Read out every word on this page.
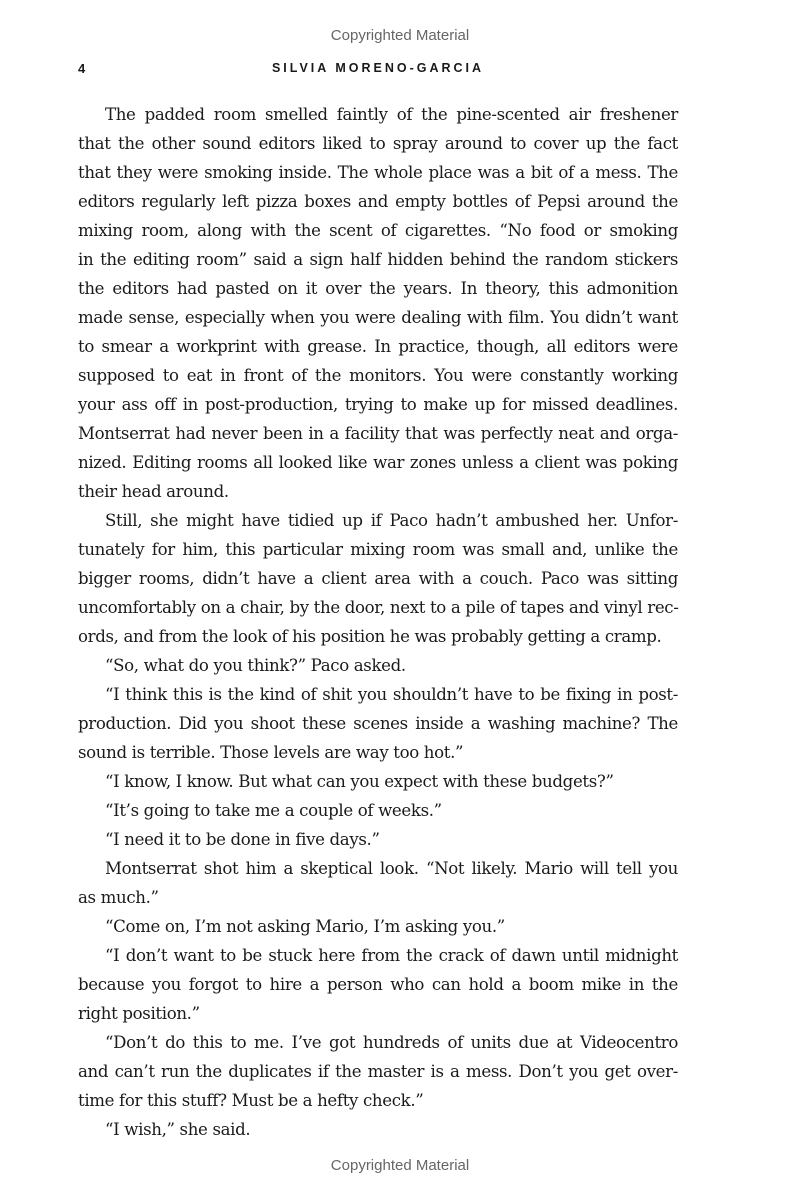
Copyrighted Material
4	SILVIA MORENO-GARCIA

The padded room smelled faintly of the pine-scented air freshener
that the other sound editors liked to spray around to cover up the fact
that they were smoking inside. The whole place was a bit of a mess. The
editors regularly left pizza boxes and empty bottles of Pepsi around the
mixing room, along with the scent of cigarettes. “No food or smoking
in the editing room” said a sign half hidden behind the random stickers
the editors had pasted on it over the years. In theory, this admonition
made sense, especially when you were dealing with film. You didn’t want
to smear a workprint with grease. In practice, though, all editors were
supposed to eat in front of the monitors. You were constantly working
your ass off in post-production, trying to make up for missed deadlines.
Montserrat had never been in a facility that was perfectly neat and orga-
nized. Editing rooms all looked like war zones unless a client was poking
their head around.

Still, she might have tidied up if Paco hadn’t ambushed her. Unfor-
tunately for him, this particular mixing room was small and, unlike the
bigger rooms, didn’t have a client area with a couch. Paco was sitting
uncomfortably on a chair, by the door, next to a pile of tapes and vinyl rec-
ords, and from the look of his position he was probably getting a cramp.

“So, what do you think?” Paco asked.

“I think this is the kind of shit you shouldn’t have to be fixing in post-
production. Did you shoot these scenes inside a washing machine? The
sound is terrible. Those levels are way too hot.”

“I know, I know. But what can you expect with these budgets?”

“It’s going to take me a couple of weeks.”

“I need it to be done in five days.”

Montserrat shot him a skeptical look. “Not likely. Mario will tell you
as much.”

“Come on, I’m not asking Mario, I’m asking you.”

“I don’t want to be stuck here from the crack of dawn until midnight
because you forgot to hire a person who can hold a boom mike in the
right position.”

“Don’t do this to me. I’ve got hundreds of units due at Videocentro
and can’t run the duplicates if the master is a mess. Don’t you get over-
time for this stuff? Must be a hefty check.”

“I wish,” she said.

Copyrighted Material
